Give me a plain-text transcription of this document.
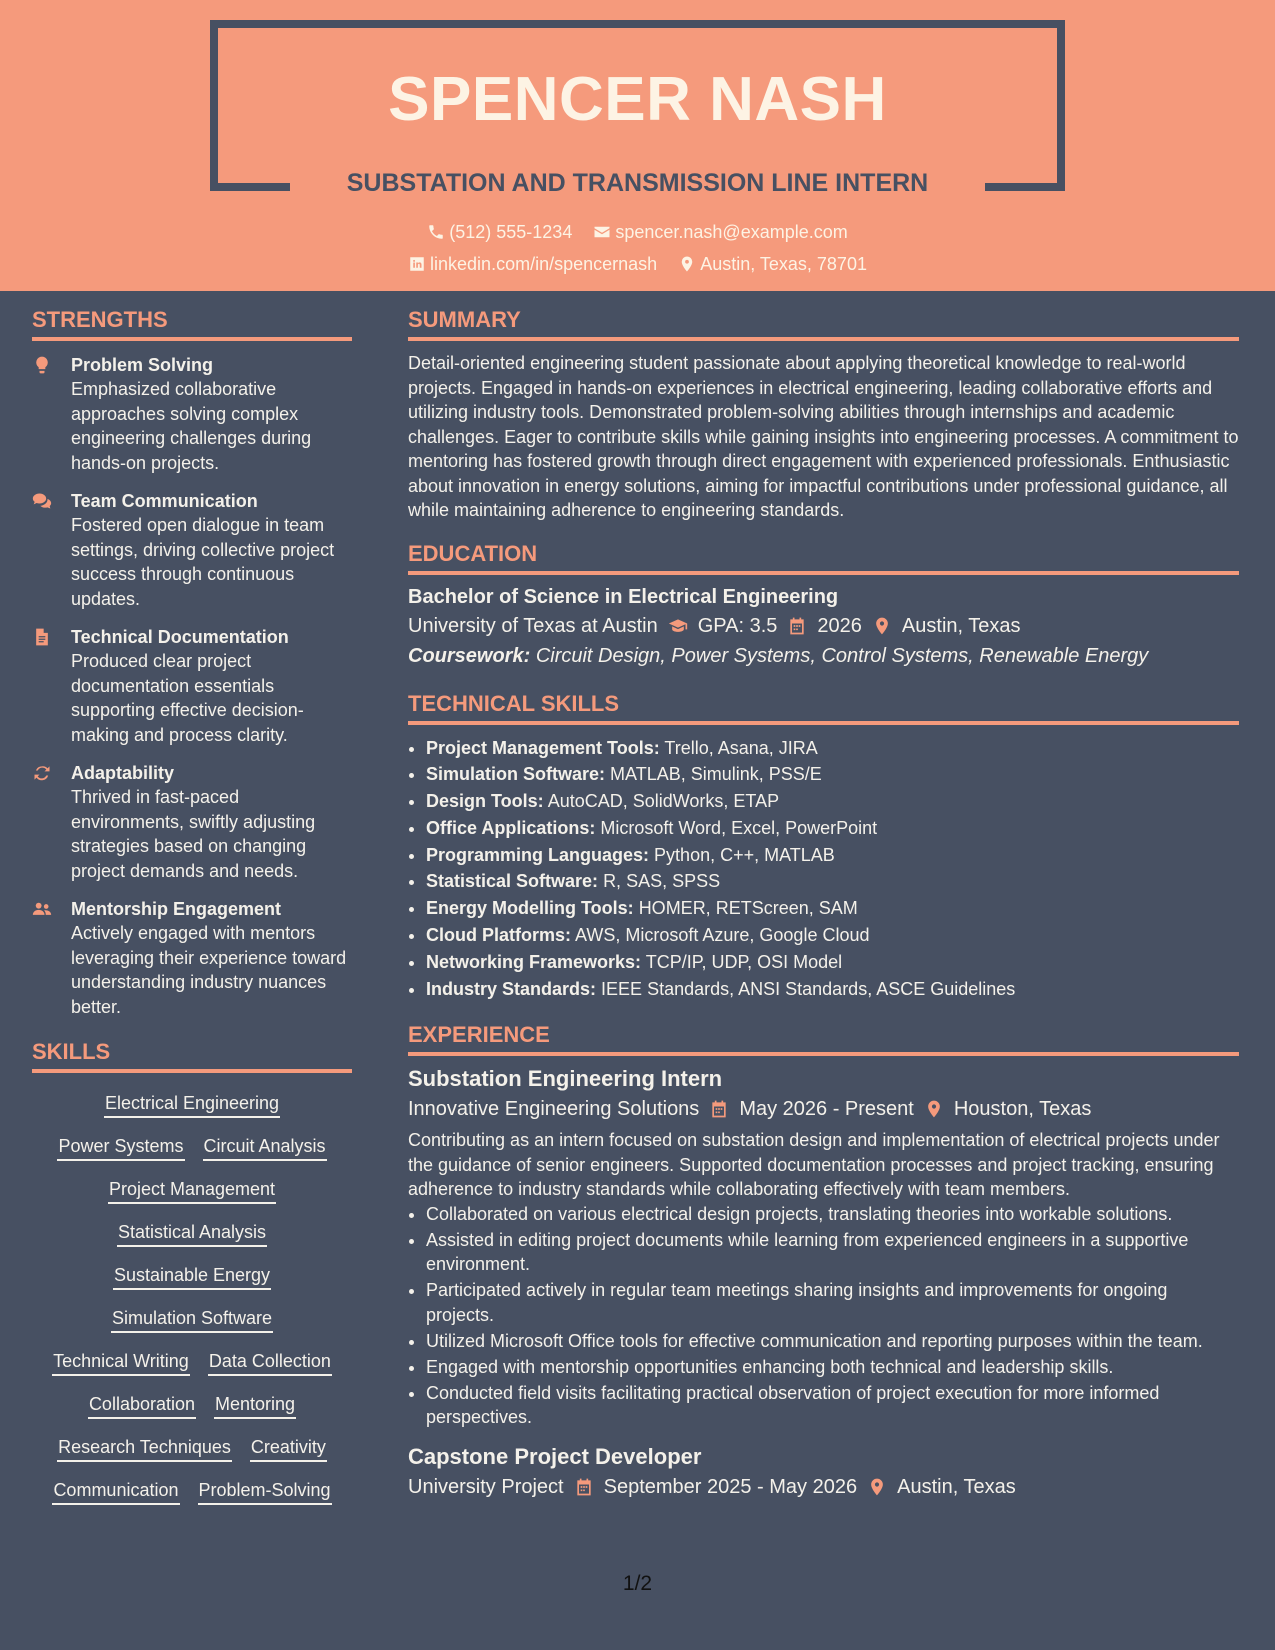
SPENCER NASH
SUBSTATION AND TRANSMISSION LINE INTERN
(512) 555-1234
spencer.nash@example.com
linkedin.com/in/spencernash
Austin, Texas, 78701
STRENGTHS
Problem Solving
Emphasized collaborative approaches solving complex engineering challenges during hands-on projects.
Team Communication
Fostered open dialogue in team settings, driving collective project success through continuous updates.
Technical Documentation
Produced clear project documentation essentials supporting effective decision-making and process clarity.
Adaptability
Thrived in fast-paced environments, swiftly adjusting strategies based on changing project demands and needs.
Mentorship Engagement
Actively engaged with mentors leveraging their experience toward understanding industry nuances better.
SKILLS
Electrical Engineering
Power Systems Circuit Analysis
Project Management
Statistical Analysis
Sustainable Energy
Simulation Software
Technical Writing Data Collection
Collaboration Mentoring
Research Techniques Creativity
Communication Problem-Solving
SUMMARY
Detail-oriented engineering student passionate about applying theoretical knowledge to real-world projects. Engaged in hands-on experiences in electrical engineering, leading collaborative efforts and utilizing industry tools. Demonstrated problem-solving abilities through internships and academic challenges. Eager to contribute skills while gaining insights into engineering processes. A commitment to mentoring has fostered growth through direct engagement with experienced professionals. Enthusiastic about innovation in energy solutions, aiming for impactful contributions under professional guidance, all while maintaining adherence to engineering standards.
EDUCATION
Bachelor of Science in Electrical Engineering
University of Texas at Austin GPA: 3.5 2026 Austin, Texas
Coursework: Circuit Design, Power Systems, Control Systems, Renewable Energy
TECHNICAL SKILLS
• Project Management Tools: Trello, Asana, JIRA
• Simulation Software: MATLAB, Simulink, PSS/E
• Design Tools: AutoCAD, SolidWorks, ETAP
• Office Applications: Microsoft Word, Excel, PowerPoint
• Programming Languages: Python, C++, MATLAB
• Statistical Software: R, SAS, SPSS
• Energy Modelling Tools: HOMER, RETScreen, SAM
• Cloud Platforms: AWS, Microsoft Azure, Google Cloud
• Networking Frameworks: TCP/IP, UDP, OSI Model
• Industry Standards: IEEE Standards, ANSI Standards, ASCE Guidelines
EXPERIENCE
Substation Engineering Intern
Innovative Engineering Solutions May 2026 - Present Houston, Texas
Contributing as an intern focused on substation design and implementation of electrical projects under the guidance of senior engineers. Supported documentation processes and project tracking, ensuring adherence to industry standards while collaborating effectively with team members.
• Collaborated on various electrical design projects, translating theories into workable solutions.
• Assisted in editing project documents while learning from experienced engineers in a supportive environment.
• Participated actively in regular team meetings sharing insights and improvements for ongoing projects.
• Utilized Microsoft Office tools for effective communication and reporting purposes within the team.
• Engaged with mentorship opportunities enhancing both technical and leadership skills.
• Conducted field visits facilitating practical observation of project execution for more informed perspectives.
Capstone Project Developer
University Project September 2025 - May 2026 Austin, Texas
1/2
